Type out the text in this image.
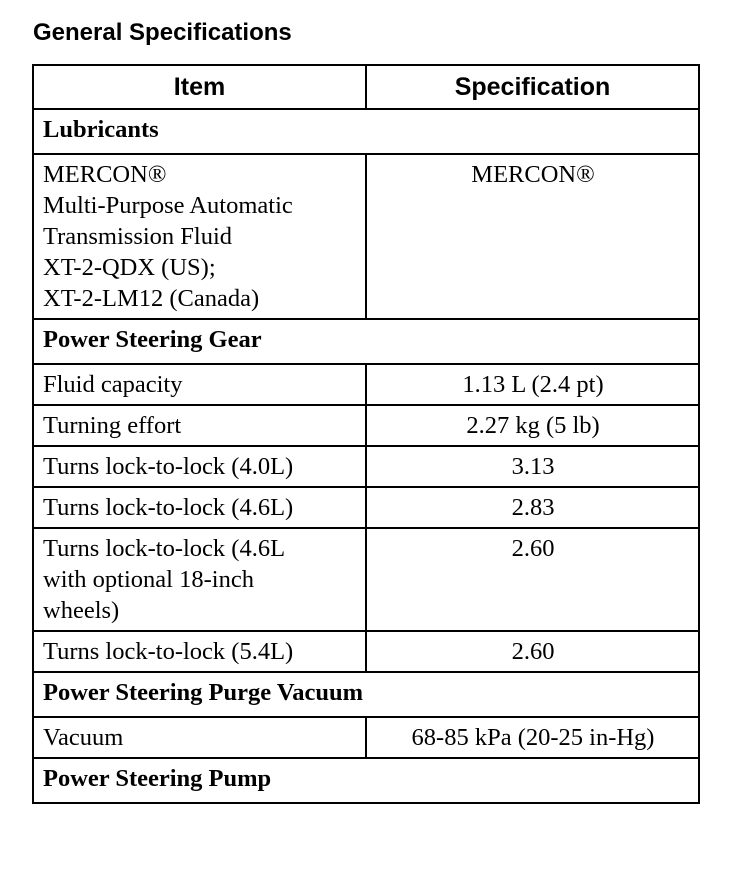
General Specifications
Item	Specification
Lubricants	

MERCON®
Multi-Purpose Automatic
Transmission Fluid
XT-2-QDX (US);
XT-2-LM12 (Canada)	MERCON®
Power Steering Gear	
Fluid capacity	1.13 L (2.4 pt)
Turning effort	2.27 kg (5 lb)
Turns lock-to-lock (4.0L)	3.13
Turns lock-to-lock (4.6L)	2.83

Turns lock-to-lock (4.6L
with optional 18-inch
wheels)	2.60
Turns lock-to-lock (5.4L)	2.60
Power Steering Purge Vacuum	
Vacuum	68-85 kPa (20-25 in-Hg)
Power Steering Pump	
